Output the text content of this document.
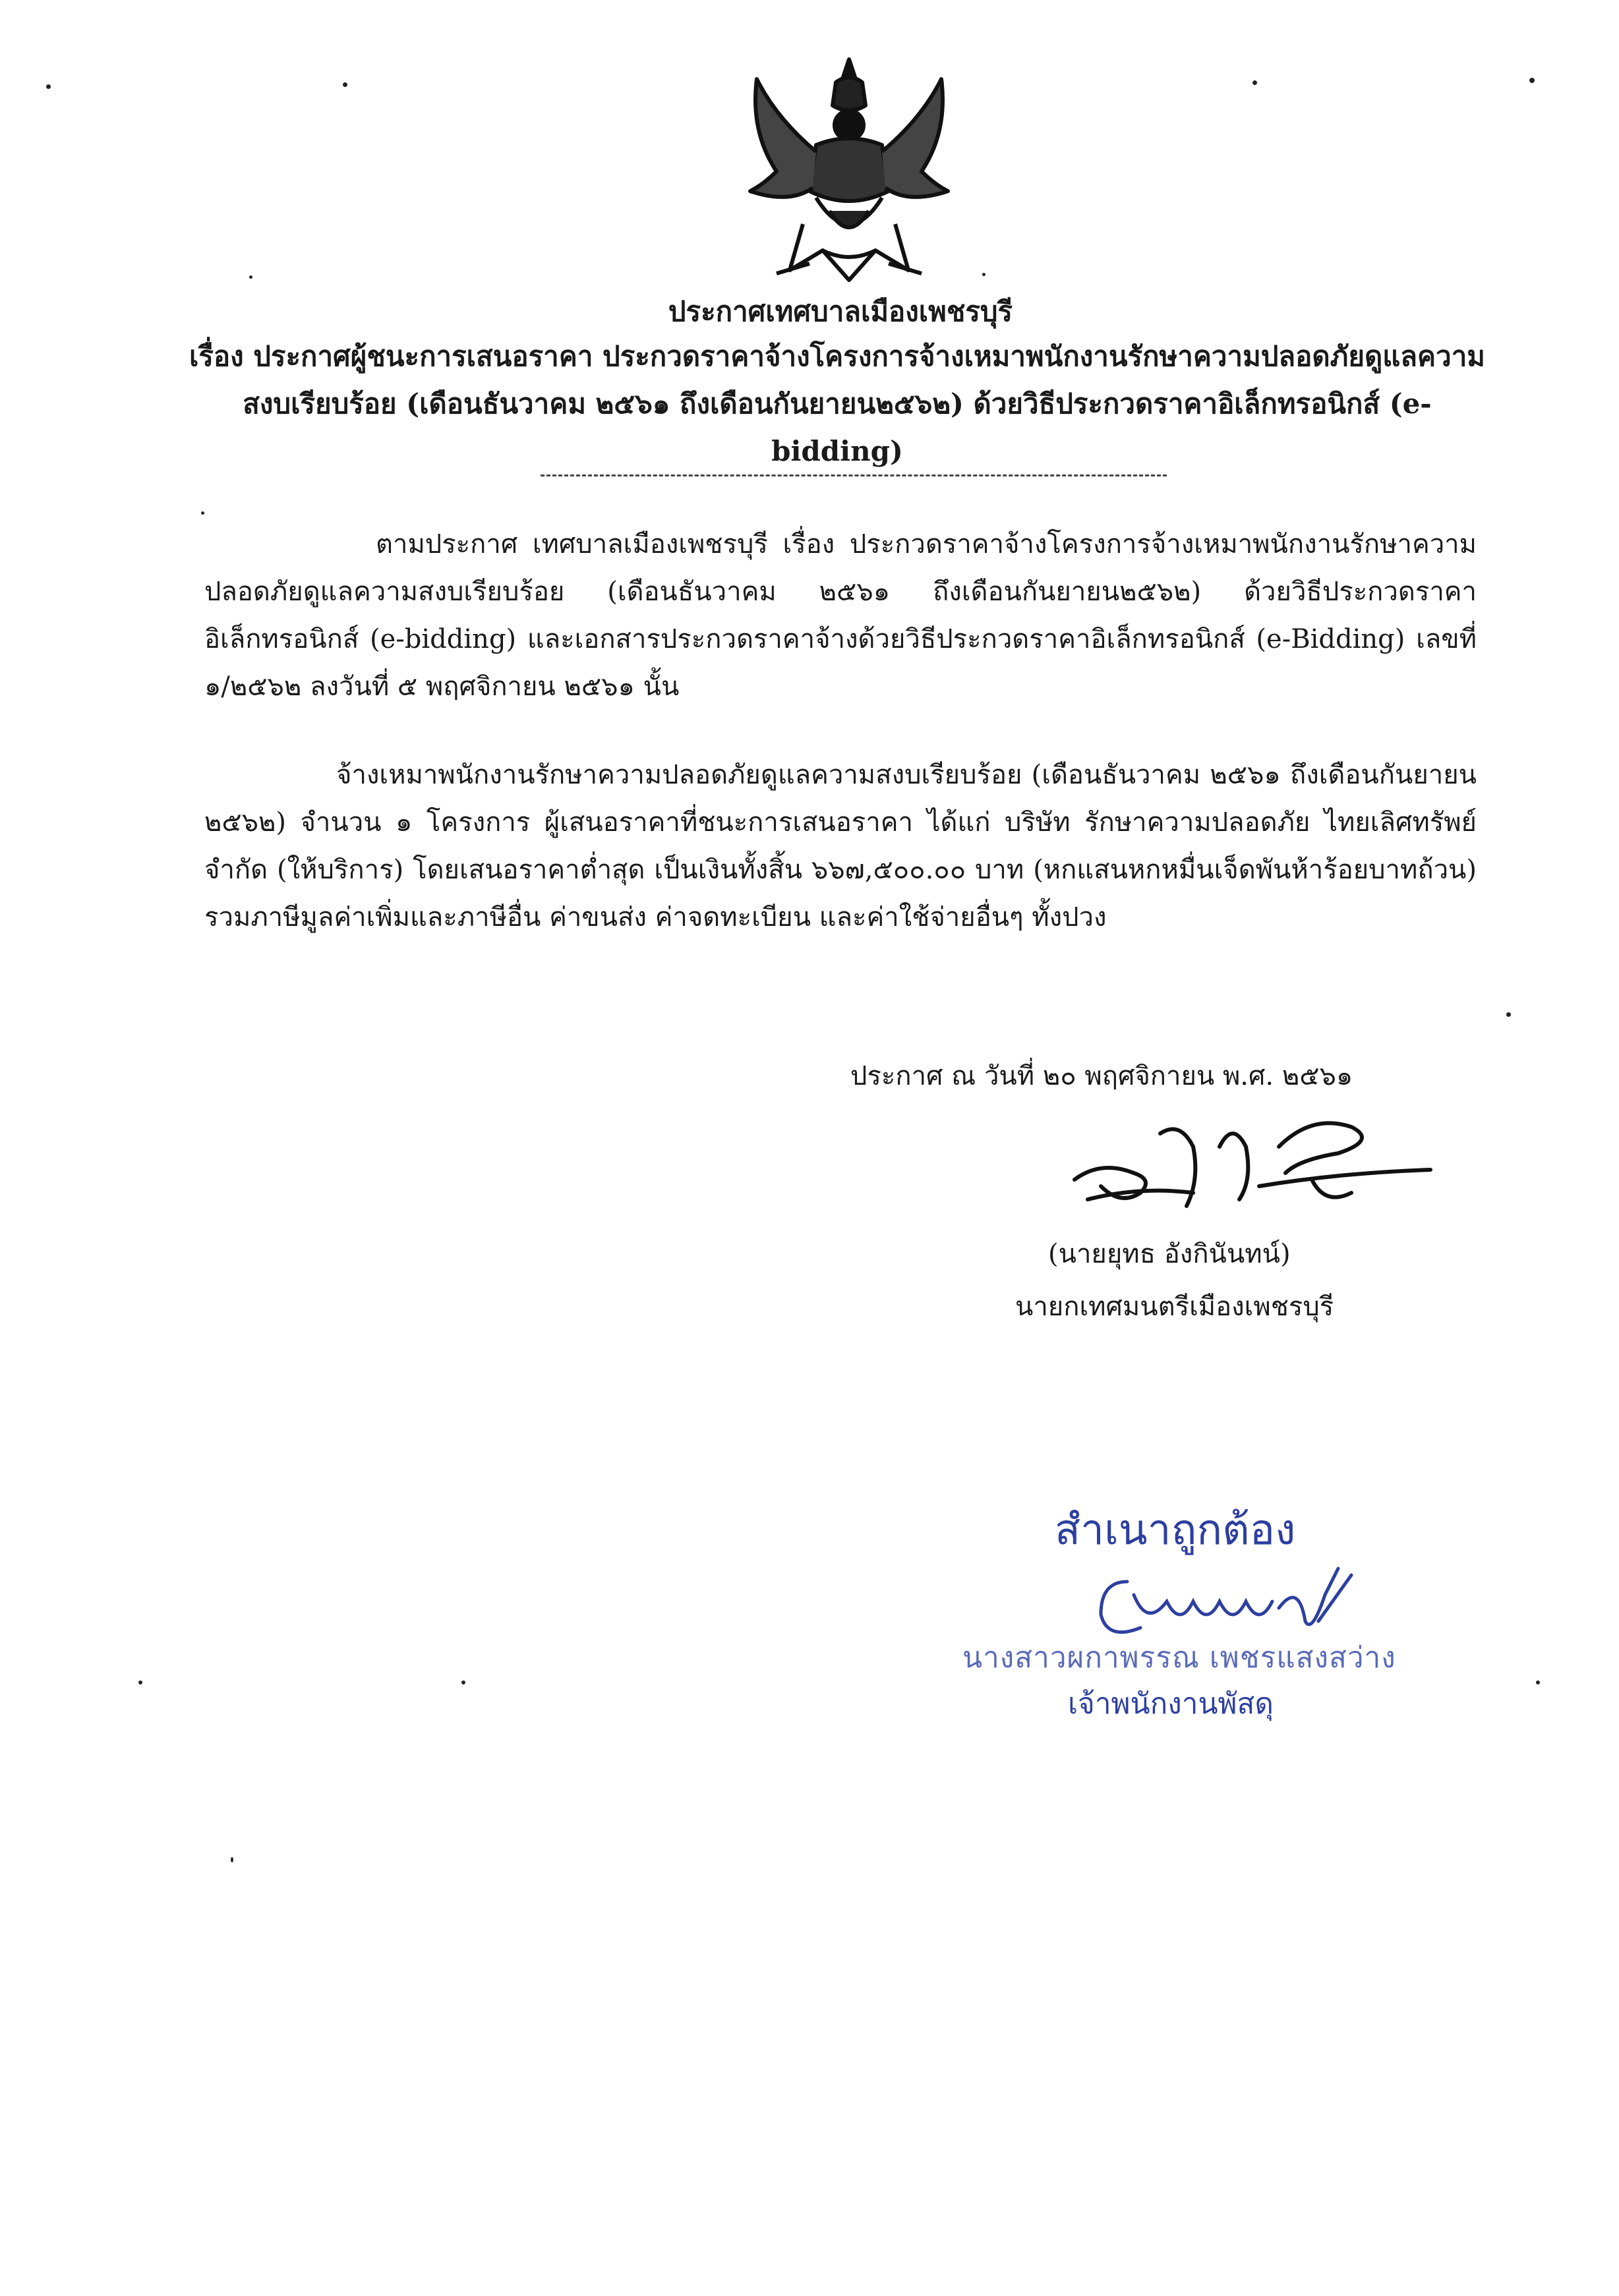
ประกาศเทศบาลเมืองเพชรบุรี
เรื่อง ประกาศผู้ชนะการเสนอราคา ประกวดราคาจ้างโครงการจ้างเหมาพนักงานรักษาความปลอดภัยดูแลความสงบเรียบร้อย (เดือนธันวาคม ๒๕๖๑ ถึงเดือนกันยายน๒๕๖๒) ด้วยวิธีประกวดราคาอิเล็กทรอนิกส์ (e-bidding)
ตามประกาศ เทศบาลเมืองเพชรบุรี เรื่อง ประกวดราคาจ้างโครงการจ้างเหมาพนักงานรักษาความปลอดภัยดูแลความสงบเรียบร้อย (เดือนธันวาคม ๒๕๖๑ ถึงเดือนกันยายน๒๕๖๒) ด้วยวิธีประกวดราคาอิเล็กทรอนิกส์ (e-bidding) และเอกสารประกวดราคาจ้างด้วยวิธีประกวดราคาอิเล็กทรอนิกส์ (e-Bidding) เลขที่ ๑/๒๕๖๒ ลงวันที่ ๕ พฤศจิกายน ๒๕๖๑ นั้น
จ้างเหมาพนักงานรักษาความปลอดภัยดูแลความสงบเรียบร้อย (เดือนธันวาคม ๒๕๖๑ ถึงเดือนกันยายน ๒๕๖๒) จำนวน ๑ โครงการ ผู้เสนอราคาที่ชนะการเสนอราคา ได้แก่ บริษัท รักษาความปลอดภัย ไทยเลิศทรัพย์ จำกัด (ให้บริการ) โดยเสนอราคาต่ำสุด เป็นเงินทั้งสิ้น ๖๖๗,๕๐๐.๐๐ บาท (หกแสนหกหมื่นเจ็ดพันห้าร้อยบาทถ้วน) รวมภาษีมูลค่าเพิ่มและภาษีอื่น ค่าขนส่ง ค่าจดทะเบียน และค่าใช้จ่ายอื่นๆ ทั้งปวง
ประกาศ ณ วันที่ ๒๐ พฤศจิกายน พ.ศ. ๒๕๖๑
(นายยุทธ อังกินันทน์)
นายกเทศมนตรีเมืองเพชรบุรี
สำเนาถูกต้อง
นางสาวผกาพรรณ เพชรแสงสว่าง
เจ้าพนักงานพัสดุ
